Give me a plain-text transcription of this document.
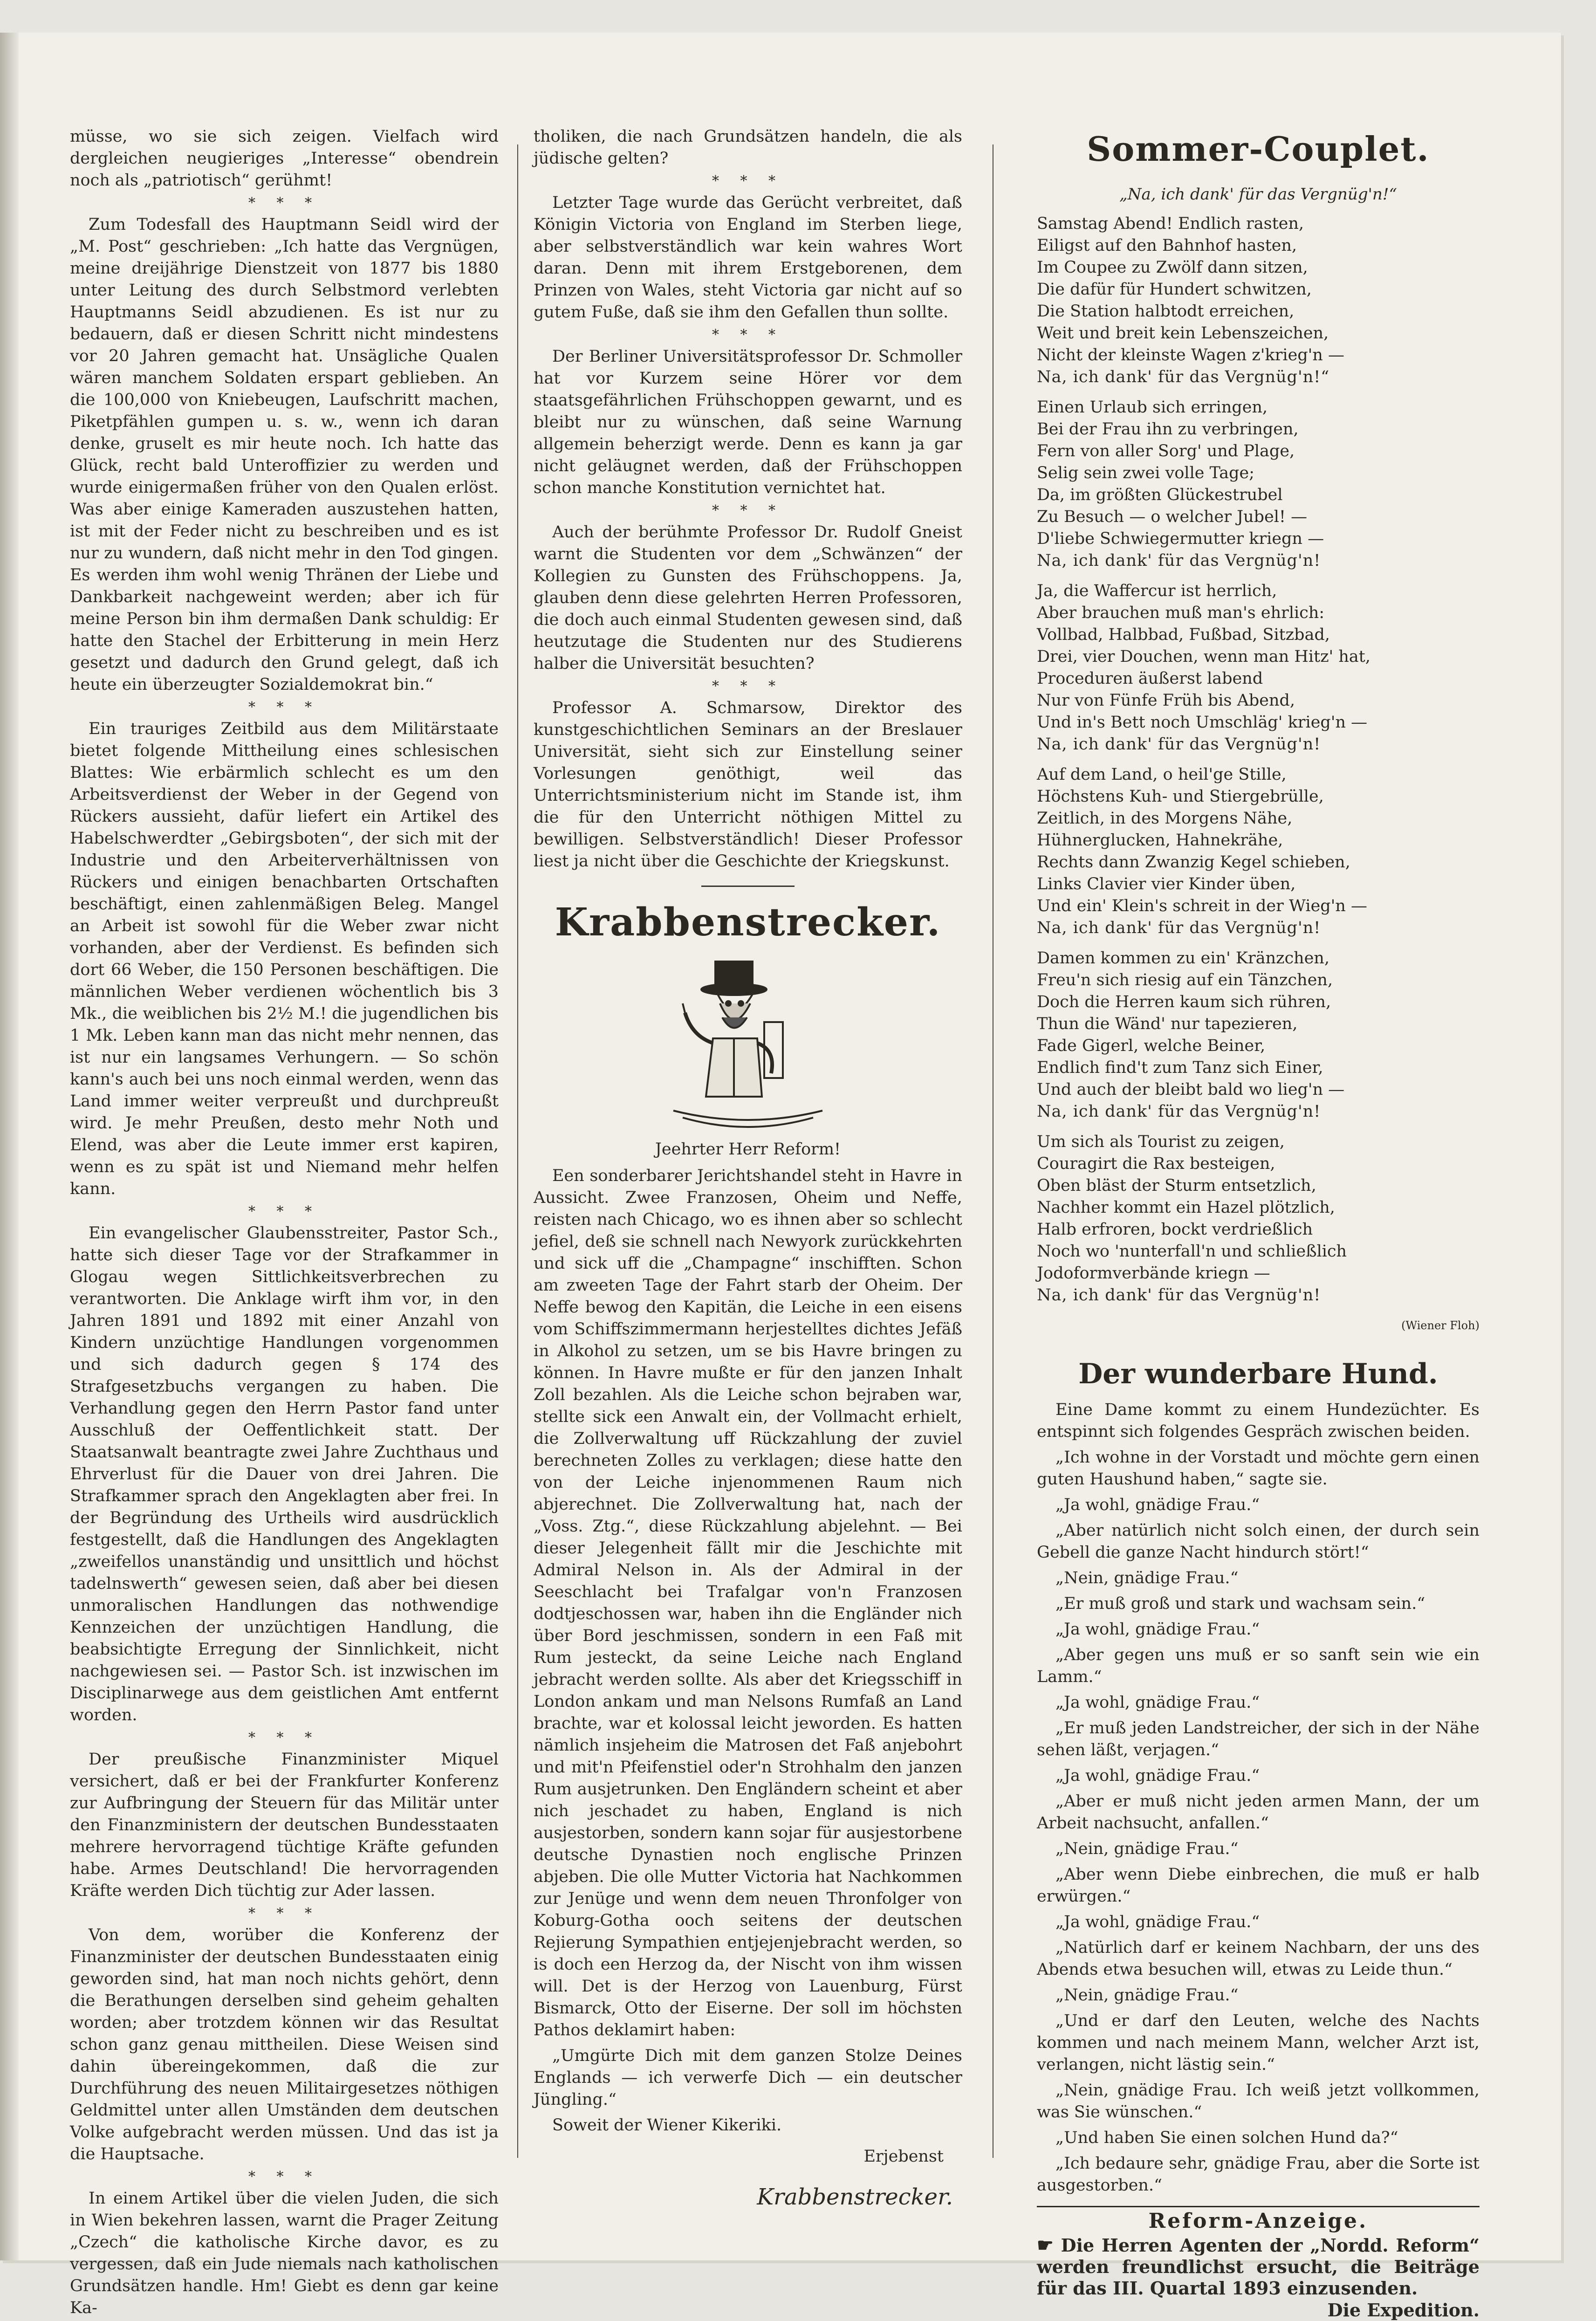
müsse, wo sie sich zeigen. Vielfach wird dergleichen neugieriges „Interesse“ obendrein noch als „patriotisch“ gerühmt!

* * *

Zum Todesfall des Hauptmann Seidl wird der „M. Post“ geschrieben: „Ich hatte das Vergnügen, meine dreijährige Dienstzeit von 1877 bis 1880 unter Leitung des durch Selbstmord verlebten Hauptmanns Seidl abzudienen. Es ist nur zu bedauern, daß er diesen Schritt nicht mindestens vor 20 Jahren gemacht hat. Unsägliche Qualen wären manchem Soldaten erspart geblieben. An die 100,000 von Kniebeugen, Laufschritt machen, Piketpfählen gumpen u. s. w., wenn ich daran denke, gruselt es mir heute noch. Ich hatte das Glück, recht bald Unteroffizier zu werden und wurde einigermaßen früher von den Qualen erlöst. Was aber einige Kameraden auszustehen hatten, ist mit der Feder nicht zu beschreiben und es ist nur zu wundern, daß nicht mehr in den Tod gingen. Es werden ihm wohl wenig Thränen der Liebe und Dankbarkeit nachgeweint werden; aber ich für meine Person bin ihm dermaßen Dank schuldig: Er hatte den Stachel der Erbitterung in mein Herz gesetzt und dadurch den Grund gelegt, daß ich heute ein überzeugter Sozialdemokrat bin.“

* * *

Ein trauriges Zeitbild aus dem Militärstaate bietet folgende Mittheilung eines schlesischen Blattes: Wie erbärmlich schlecht es um den Arbeitsverdienst der Weber in der Gegend von Rückers aussieht, dafür liefert ein Artikel des Habelschwerdter „Gebirgsboten“, der sich mit der Industrie und den Arbeiterverhältnissen von Rückers und einigen benachbarten Ortschaften beschäftigt, einen zahlenmäßigen Beleg. Mangel an Arbeit ist sowohl für die Weber zwar nicht vorhanden, aber der Verdienst. Es befinden sich dort 66 Weber, die 150 Personen beschäftigen. Die männlichen Weber verdienen wöchentlich bis 3 Mk., die weiblichen bis 2½ M.! die jugendlichen bis 1 Mk. Leben kann man das nicht mehr nennen, das ist nur ein langsames Verhungern. — So schön kann's auch bei uns noch einmal werden, wenn das Land immer weiter verpreußt und durchpreußt wird. Je mehr Preußen, desto mehr Noth und Elend, was aber die Leute immer erst kapiren, wenn es zu spät ist und Niemand mehr helfen kann.

* * *

Ein evangelischer Glaubensstreiter, Pastor Sch., hatte sich dieser Tage vor der Strafkammer in Glogau wegen Sittlichkeitsverbrechen zu verantworten. Die Anklage wirft ihm vor, in den Jahren 1891 und 1892 mit einer Anzahl von Kindern unzüchtige Handlungen vorgenommen und sich dadurch gegen § 174 des Strafgesetzbuchs vergangen zu haben. Die Verhandlung gegen den Herrn Pastor fand unter Ausschluß der Oeffentlichkeit statt. Der Staatsanwalt beantragte zwei Jahre Zuchthaus und Ehrverlust für die Dauer von drei Jahren. Die Strafkammer sprach den Angeklagten aber frei. In der Begründung des Urtheils wird ausdrücklich festgestellt, daß die Handlungen des Angeklagten „zweifellos unanständig und unsittlich und höchst tadelnswerth“ gewesen seien, daß aber bei diesen unmoralischen Handlungen das nothwendige Kennzeichen der unzüchtigen Handlung, die beabsichtigte Erregung der Sinnlichkeit, nicht nachgewiesen sei. — Pastor Sch. ist inzwischen im Disciplinarwege aus dem geistlichen Amt entfernt worden.

* * *

Der preußische Finanzminister Miquel versichert, daß er bei der Frankfurter Konferenz zur Aufbringung der Steuern für das Militär unter den Finanzministern der deutschen Bundesstaaten mehrere hervorragend tüchtige Kräfte gefunden habe. Armes Deutschland! Die hervorragenden Kräfte werden Dich tüchtig zur Ader lassen.

* * *

Von dem, worüber die Konferenz der Finanzminister der deutschen Bundesstaaten einig geworden sind, hat man noch nichts gehört, denn die Berathungen derselben sind geheim gehalten worden; aber trotzdem können wir das Resultat schon ganz genau mittheilen. Diese Weisen sind dahin übereingekommen, daß die zur Durchführung des neuen Militairgesetzes nöthigen Geldmittel unter allen Umständen dem deutschen Volke aufgebracht werden müssen. Und das ist ja die Hauptsache.

* * *

In einem Artikel über die vielen Juden, die sich in Wien bekehren lassen, warnt die Prager Zeitung „Czech“ die katholische Kirche davor, es zu vergessen, daß ein Jude niemals nach katholischen Grundsätzen handle. Hm! Giebt es denn gar keine Ka-

tholiken, die nach Grundsätzen handeln, die als jüdische gelten?

* * *

Letzter Tage wurde das Gerücht verbreitet, daß Königin Victoria von England im Sterben liege, aber selbstverständlich war kein wahres Wort daran. Denn mit ihrem Erstgeborenen, dem Prinzen von Wales, steht Victoria gar nicht auf so gutem Fuße, daß sie ihm den Gefallen thun sollte.

* * *

Der Berliner Universitätsprofessor Dr. Schmoller hat vor Kurzem seine Hörer vor dem staatsgefährlichen Frühschoppen gewarnt, und es bleibt nur zu wünschen, daß seine Warnung allgemein beherzigt werde. Denn es kann ja gar nicht geläugnet werden, daß der Frühschoppen schon manche Konstitution vernichtet hat.

* * *

Auch der berühmte Professor Dr. Rudolf Gneist warnt die Studenten vor dem „Schwänzen“ der Kollegien zu Gunsten des Frühschoppens. Ja, glauben denn diese gelehrten Herren Professoren, die doch auch einmal Studenten gewesen sind, daß heutzutage die Studenten nur des Studierens halber die Universität besuchten?

* * *

Professor A. Schmarsow, Direktor des kunstgeschichtlichen Seminars an der Breslauer Universität, sieht sich zur Einstellung seiner Vorlesungen genöthigt, weil das Unterrichtsministerium nicht im Stande ist, ihm die für den Unterricht nöthigen Mittel zu bewilligen. Selbstverständlich! Dieser Professor liest ja nicht über die Geschichte der Kriegskunst.

Krabbenstrecker.
Jeehrter Herr Reform!

Een sonderbarer Jerichtshandel steht in Havre in Aussicht. Zwee Franzosen, Oheim und Neffe, reisten nach Chicago, wo es ihnen aber so schlecht jefiel, deß sie schnell nach Newyork zurückkehrten und sick uff die „Champagne“ inschifften. Schon am zweeten Tage der Fahrt starb der Oheim. Der Neffe bewog den Kapitän, die Leiche in een eisens vom Schiffszimmermann herjestelltes dichtes Jefäß in Alkohol zu setzen, um se bis Havre bringen zu können. In Havre mußte er für den janzen Inhalt Zoll bezahlen. Als die Leiche schon bejraben war, stellte sick een Anwalt ein, der Vollmacht erhielt, die Zollverwaltung uff Rückzahlung der zuviel berechneten Zolles zu verklagen; diese hatte den von der Leiche injenommenen Raum nich abjerechnet. Die Zollverwaltung hat, nach der „Voss. Ztg.“, diese Rückzahlung abjelehnt. — Bei dieser Jelegenheit fällt mir die Jeschichte mit Admiral Nelson in. Als der Admiral in der Seeschlacht bei Trafalgar von'n Franzosen dodtjeschossen war, haben ihn die Engländer nich über Bord jeschmissen, sondern in een Faß mit Rum jesteckt, da seine Leiche nach England jebracht werden sollte. Als aber det Kriegsschiff in London ankam und man Nelsons Rumfaß an Land brachte, war et kolossal leicht jeworden. Es hatten nämlich insjeheim die Matrosen det Faß anjebohrt und mit'n Pfeifenstiel oder'n Strohhalm den janzen Rum ausjetrunken. Den Engländern scheint et aber nich jeschadet zu haben, England is nich ausjestorben, sondern kann sojar für ausjestorbene deutsche Dynastien noch englische Prinzen abjeben. Die olle Mutter Victoria hat Nachkommen zur Jenüge und wenn dem neuen Thronfolger von Koburg-Gotha ooch seitens der deutschen Rejierung Sympathien entjejenjebracht werden, so is doch een Herzog da, der Nischt von ihm wissen will. Det is der Herzog von Lauenburg, Fürst Bismarck, Otto der Eiserne. Der soll im höchsten Pathos deklamirt haben:

„Umgürte Dich mit dem ganzen Stolze Deines Englands — ich verwerfe Dich — ein deutscher Jüngling.“

Soweit der Wiener Kikeriki.

Erjebenst
Krabbenstrecker.
Sommer-Couplet.
„Na, ich dank' für das Vergnüg'n!“
Samstag Abend! Endlich rasten,
Eiligst auf den Bahnhof hasten,
Im Coupee zu Zwölf dann sitzen,
Die dafür für Hundert schwitzen,
Die Station halbtodt erreichen,
Weit und breit kein Lebenszeichen,
Nicht der kleinste Wagen z'krieg'n —
Na, ich dank' für das Vergnüg'n!“
Einen Urlaub sich erringen,
Bei der Frau ihn zu verbringen,
Fern von aller Sorg' und Plage,
Selig sein zwei volle Tage;
Da, im größten Glückestrubel
Zu Besuch — o welcher Jubel! —
D'liebe Schwiegermutter kriegn —
Na, ich dank' für das Vergnüg'n!
Ja, die Waffercur ist herrlich,
Aber brauchen muß man's ehrlich:
Vollbad, Halbbad, Fußbad, Sitzbad,
Drei, vier Douchen, wenn man Hitz' hat,
Proceduren äußerst labend
Nur von Fünfe Früh bis Abend,
Und in's Bett noch Umschläg' krieg'n —
Na, ich dank' für das Vergnüg'n!
Auf dem Land, o heil'ge Stille,
Höchstens Kuh- und Stiergebrülle,
Zeitlich, in des Morgens Nähe,
Hühnerglucken, Hahnekrähe,
Rechts dann Zwanzig Kegel schieben,
Links Clavier vier Kinder üben,
Und ein' Klein's schreit in der Wieg'n —
Na, ich dank' für das Vergnüg'n!
Damen kommen zu ein' Kränzchen,
Freu'n sich riesig auf ein Tänzchen,
Doch die Herren kaum sich rühren,
Thun die Wänd' nur tapezieren,
Fade Gigerl, welche Beiner,
Endlich find't zum Tanz sich Einer,
Und auch der bleibt bald wo lieg'n —
Na, ich dank' für das Vergnüg'n!
Um sich als Tourist zu zeigen,
Couragirt die Rax besteigen,
Oben bläst der Sturm entsetzlich,
Nachher kommt ein Hazel plötzlich,
Halb erfroren, bockt verdrießlich
Noch wo 'nunterfall'n und schließlich
Jodoformverbände kriegn —
Na, ich dank' für das Vergnüg'n!
(Wiener Floh)
Der wunderbare Hund.

Eine Dame kommt zu einem Hundezüchter. Es entspinnt sich folgendes Gespräch zwischen beiden.

„Ich wohne in der Vorstadt und möchte gern einen guten Haushund haben,“ sagte sie.

„Ja wohl, gnädige Frau.“

„Aber natürlich nicht solch einen, der durch sein Gebell die ganze Nacht hindurch stört!“

„Nein, gnädige Frau.“

„Er muß groß und stark und wachsam sein.“

„Ja wohl, gnädige Frau.“

„Aber gegen uns muß er so sanft sein wie ein Lamm.“

„Ja wohl, gnädige Frau.“

„Er muß jeden Landstreicher, der sich in der Nähe sehen läßt, verjagen.“

„Ja wohl, gnädige Frau.“

„Aber er muß nicht jeden armen Mann, der um Arbeit nachsucht, anfallen.“

„Nein, gnädige Frau.“

„Aber wenn Diebe einbrechen, die muß er halb erwürgen.“

„Ja wohl, gnädige Frau.“

„Natürlich darf er keinem Nachbarn, der uns des Abends etwa besuchen will, etwas zu Leide thun.“

„Nein, gnädige Frau.“

„Und er darf den Leuten, welche des Nachts kommen und nach meinem Mann, welcher Arzt ist, verlangen, nicht lästig sein.“

„Nein, gnädige Frau. Ich weiß jetzt vollkommen, was Sie wünschen.“

„Und haben Sie einen solchen Hund da?“

„Ich bedaure sehr, gnädige Frau, aber die Sorte ist ausgestorben.“

Reform-Anzeige.
☛ Die Herren Agenten der „Nordd. Reform“ werden freundlichst ersucht, die Beiträge für das III. Quartal 1893 einzusenden.
Die Expedition.
